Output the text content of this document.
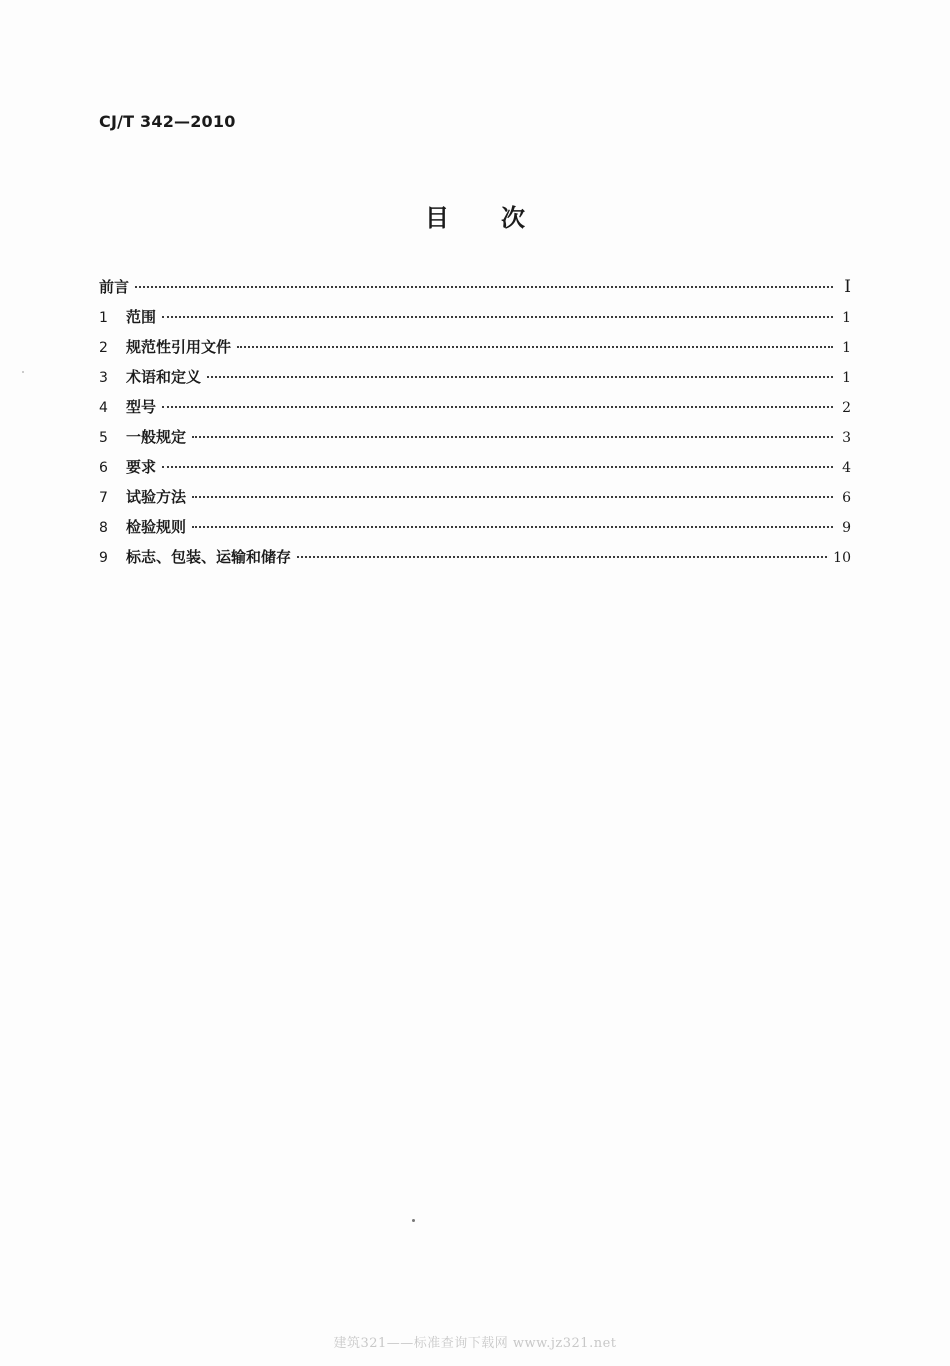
CJ/T 342—2010
目次
前言	I
1	范围	1
2	规范性引用文件	1
3	术语和定义	1
4	型号	2
5	一般规定	3
6	要求	4
7	试验方法	6
8	检验规则	9
9	标志、包装、运输和储存	10
建筑321——标准查询下载网 www.jz321.net
